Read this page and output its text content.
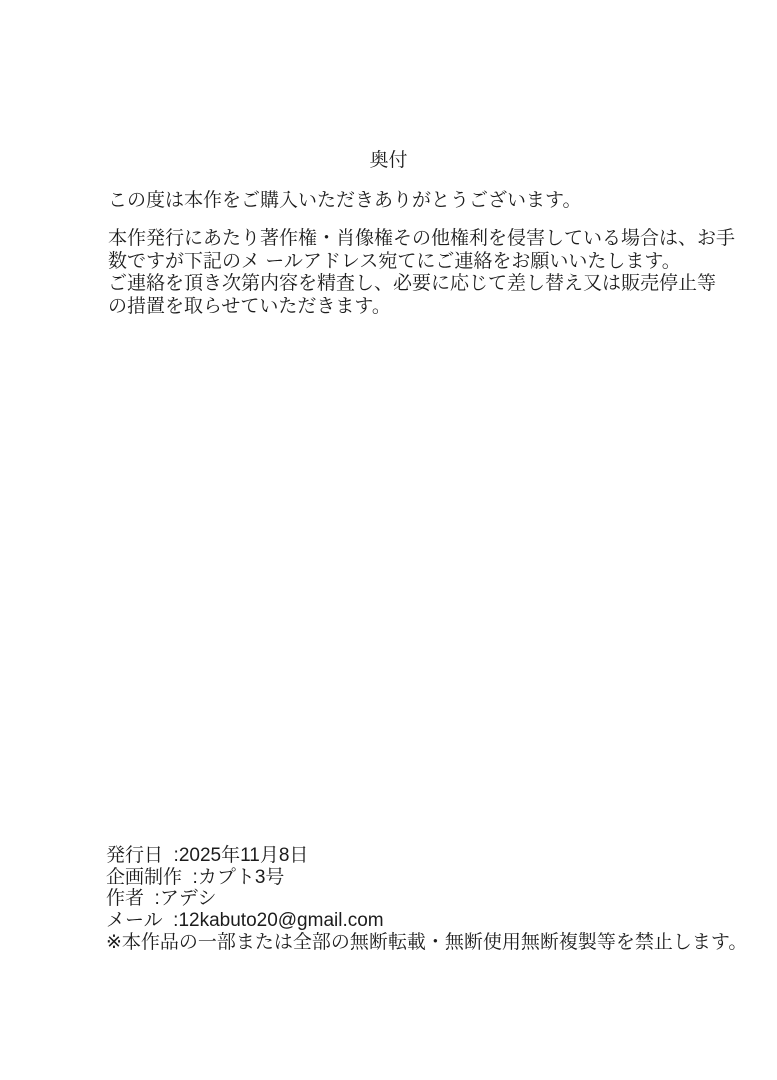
奥付
この度は本作をご購入いただきありがとうございます。
本作発行にあたり著作権・肖像権その他権利を侵害している場合は、お手
数ですが下記のメ ールアドレス宛てにご連絡をお願いいたします。
ご連絡を頂き次第内容を精査し、必要に応じて差し替え又は販売停止等
の措置を取らせていただきます。
発行日  :2025年11月8日
企画制作  :カプト3号
作者  :アデシ
メール  :12kabuto20@gmail.com
※本作品の一部または全部の無断転載・無断使用無断複製等を禁止します。
